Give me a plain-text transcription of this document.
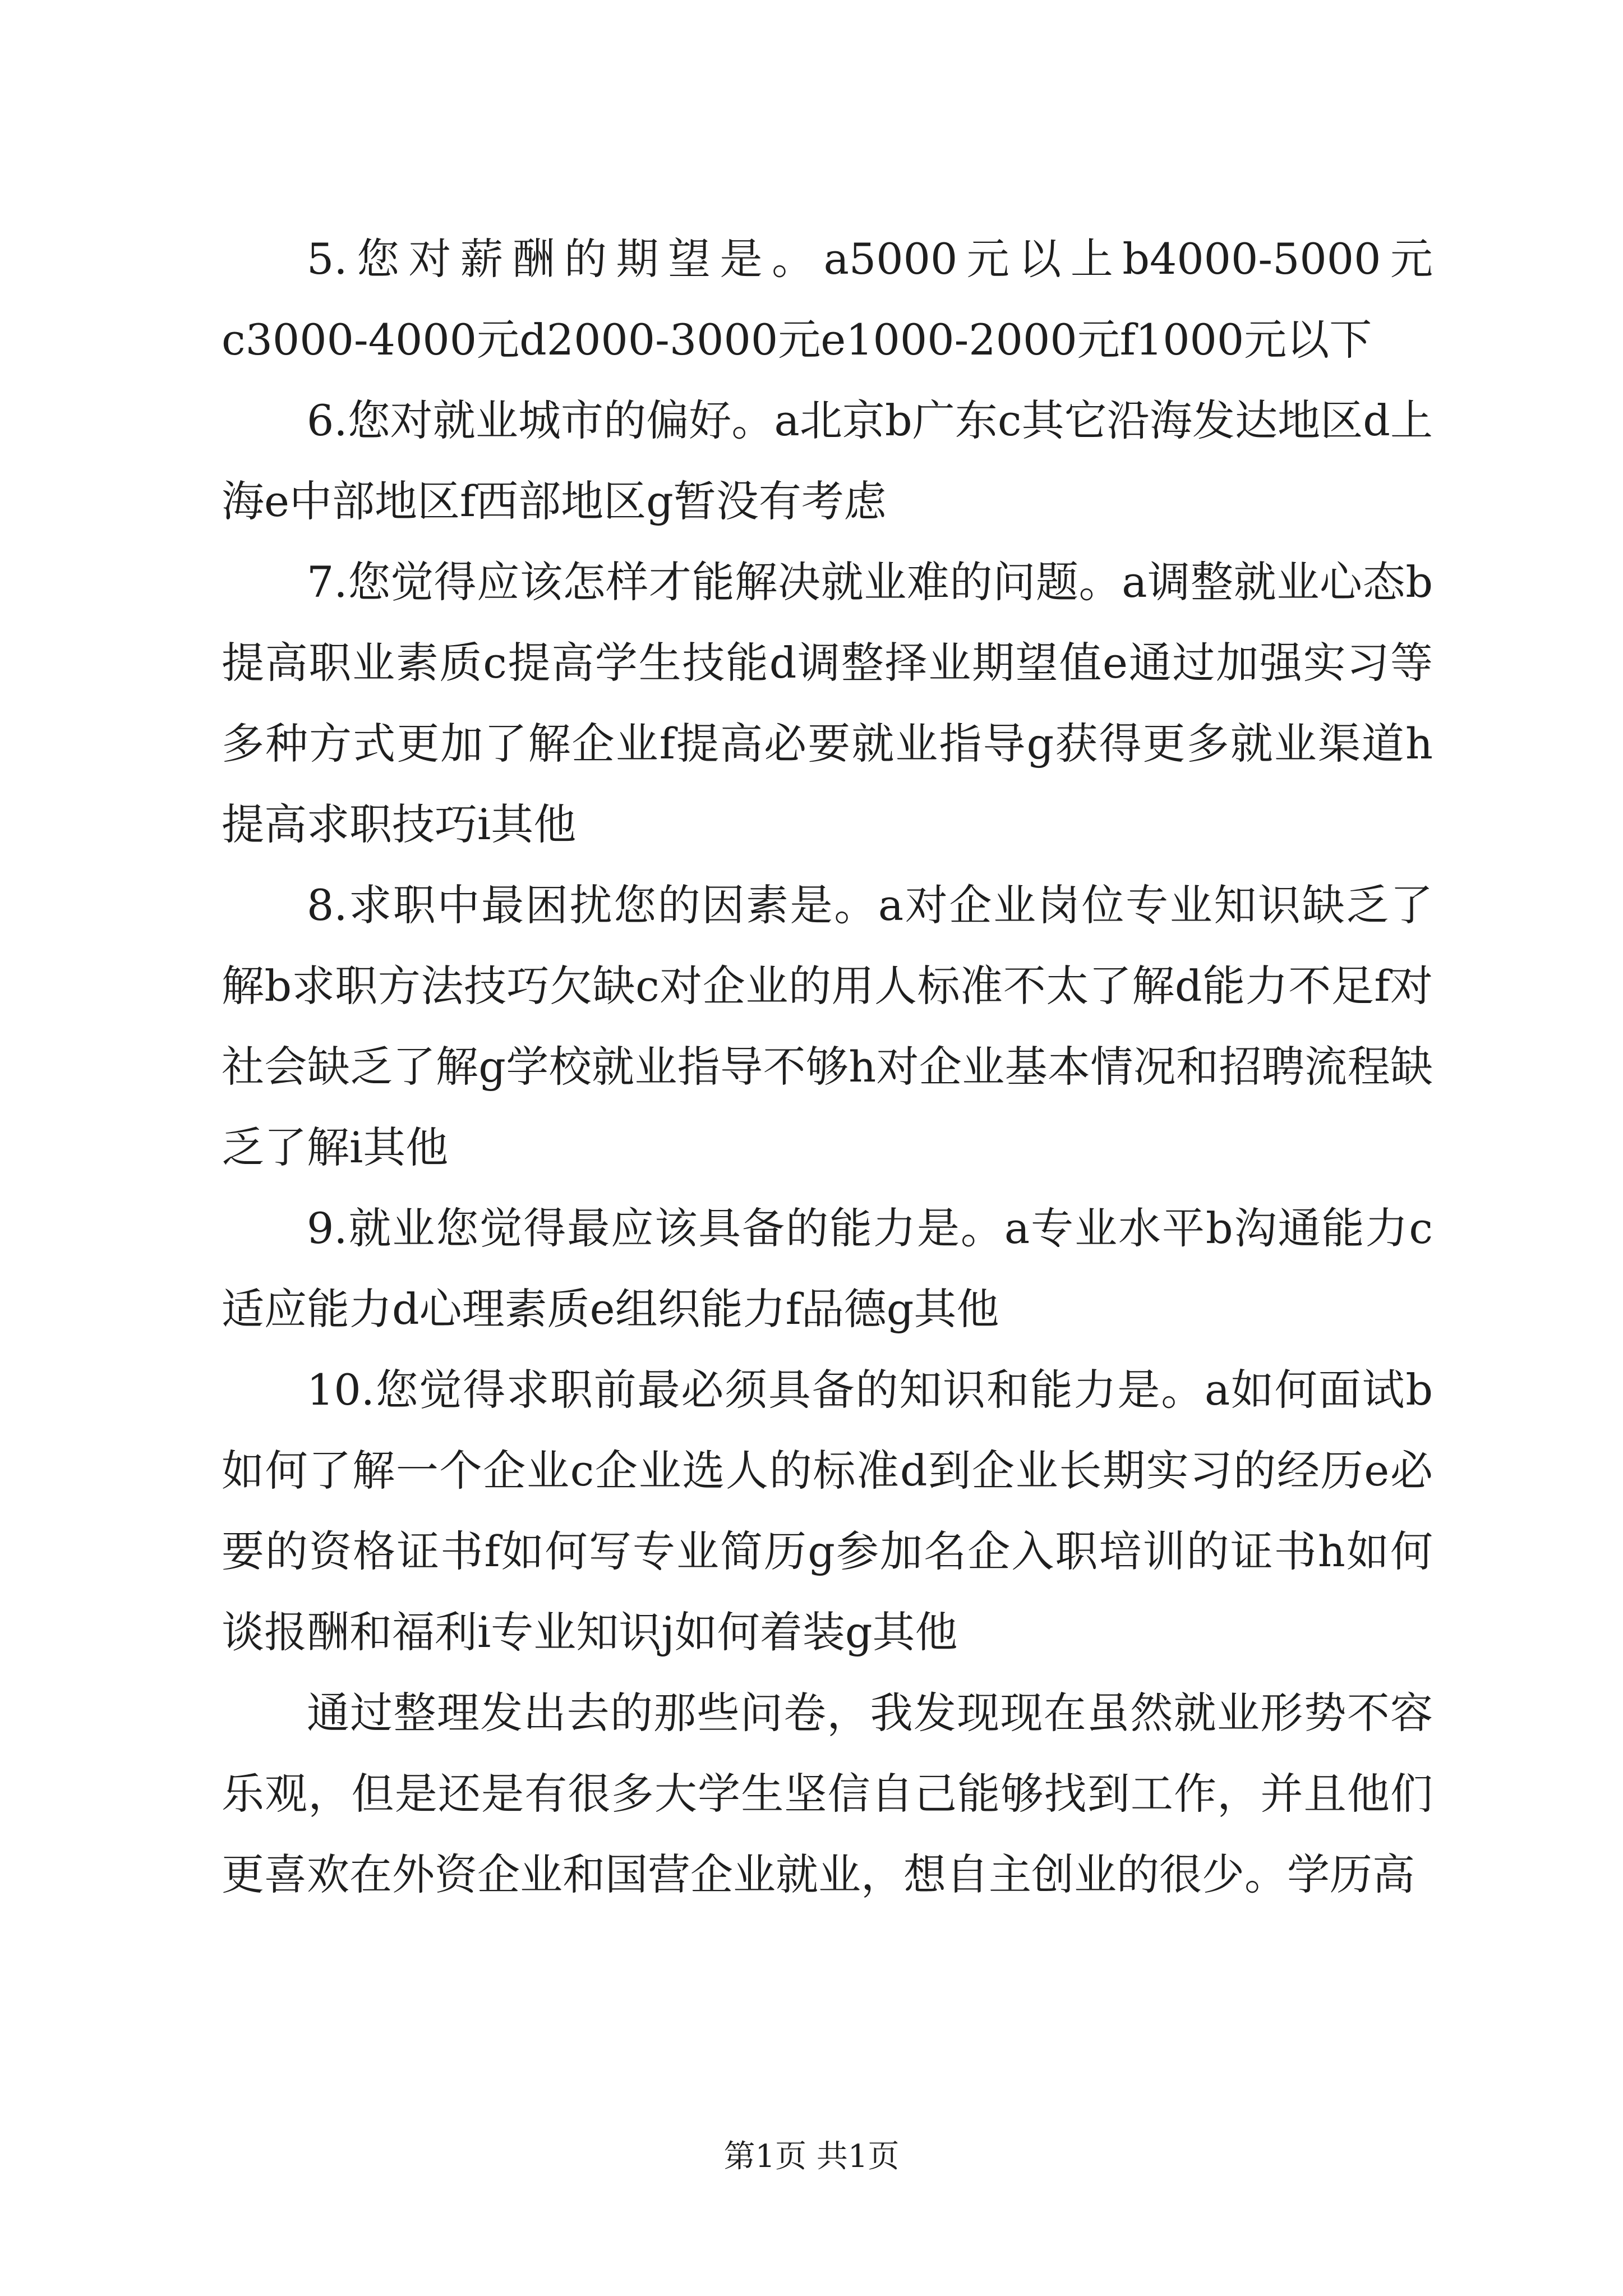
5.您对薪酬的期望是。a5000元以上b4000-5000元c3000-4000元d2000-3000元e1000-2000元f1000元以下

6.您对就业城市的偏好。a北京b广东c其它沿海发达地区d上海e中部地区f西部地区g暂没有考虑

7.您觉得应该怎样才能解决就业难的问题。a调整就业心态b提高职业素质c提高学生技能d调整择业期望值e通过加强实习等多种方式更加了解企业f提高必要就业指导g获得更多就业渠道h提高求职技巧i其他

8.求职中最困扰您的因素是。a对企业岗位专业知识缺乏了解b求职方法技巧欠缺c对企业的用人标准不太了解d能力不足f对社会缺乏了解g学校就业指导不够h对企业基本情况和招聘流程缺乏了解i其他

9.就业您觉得最应该具备的能力是。a专业水平b沟通能力c适应能力d心理素质e组织能力f品德g其他

10.您觉得求职前最必须具备的知识和能力是。a如何面试b如何了解一个企业c企业选人的标准d到企业长期实习的经历e必要的资格证书f如何写专业简历g参加名企入职培训的证书h如何谈报酬和福利i专业知识j如何着装g其他

通过整理发出去的那些问卷，我发现现在虽然就业形势不容乐观，但是还是有很多大学生坚信自己能够找到工作，并且他们更喜欢在外资企业和国营企业就业，想自主创业的很少。学历高

第1页 共1页
